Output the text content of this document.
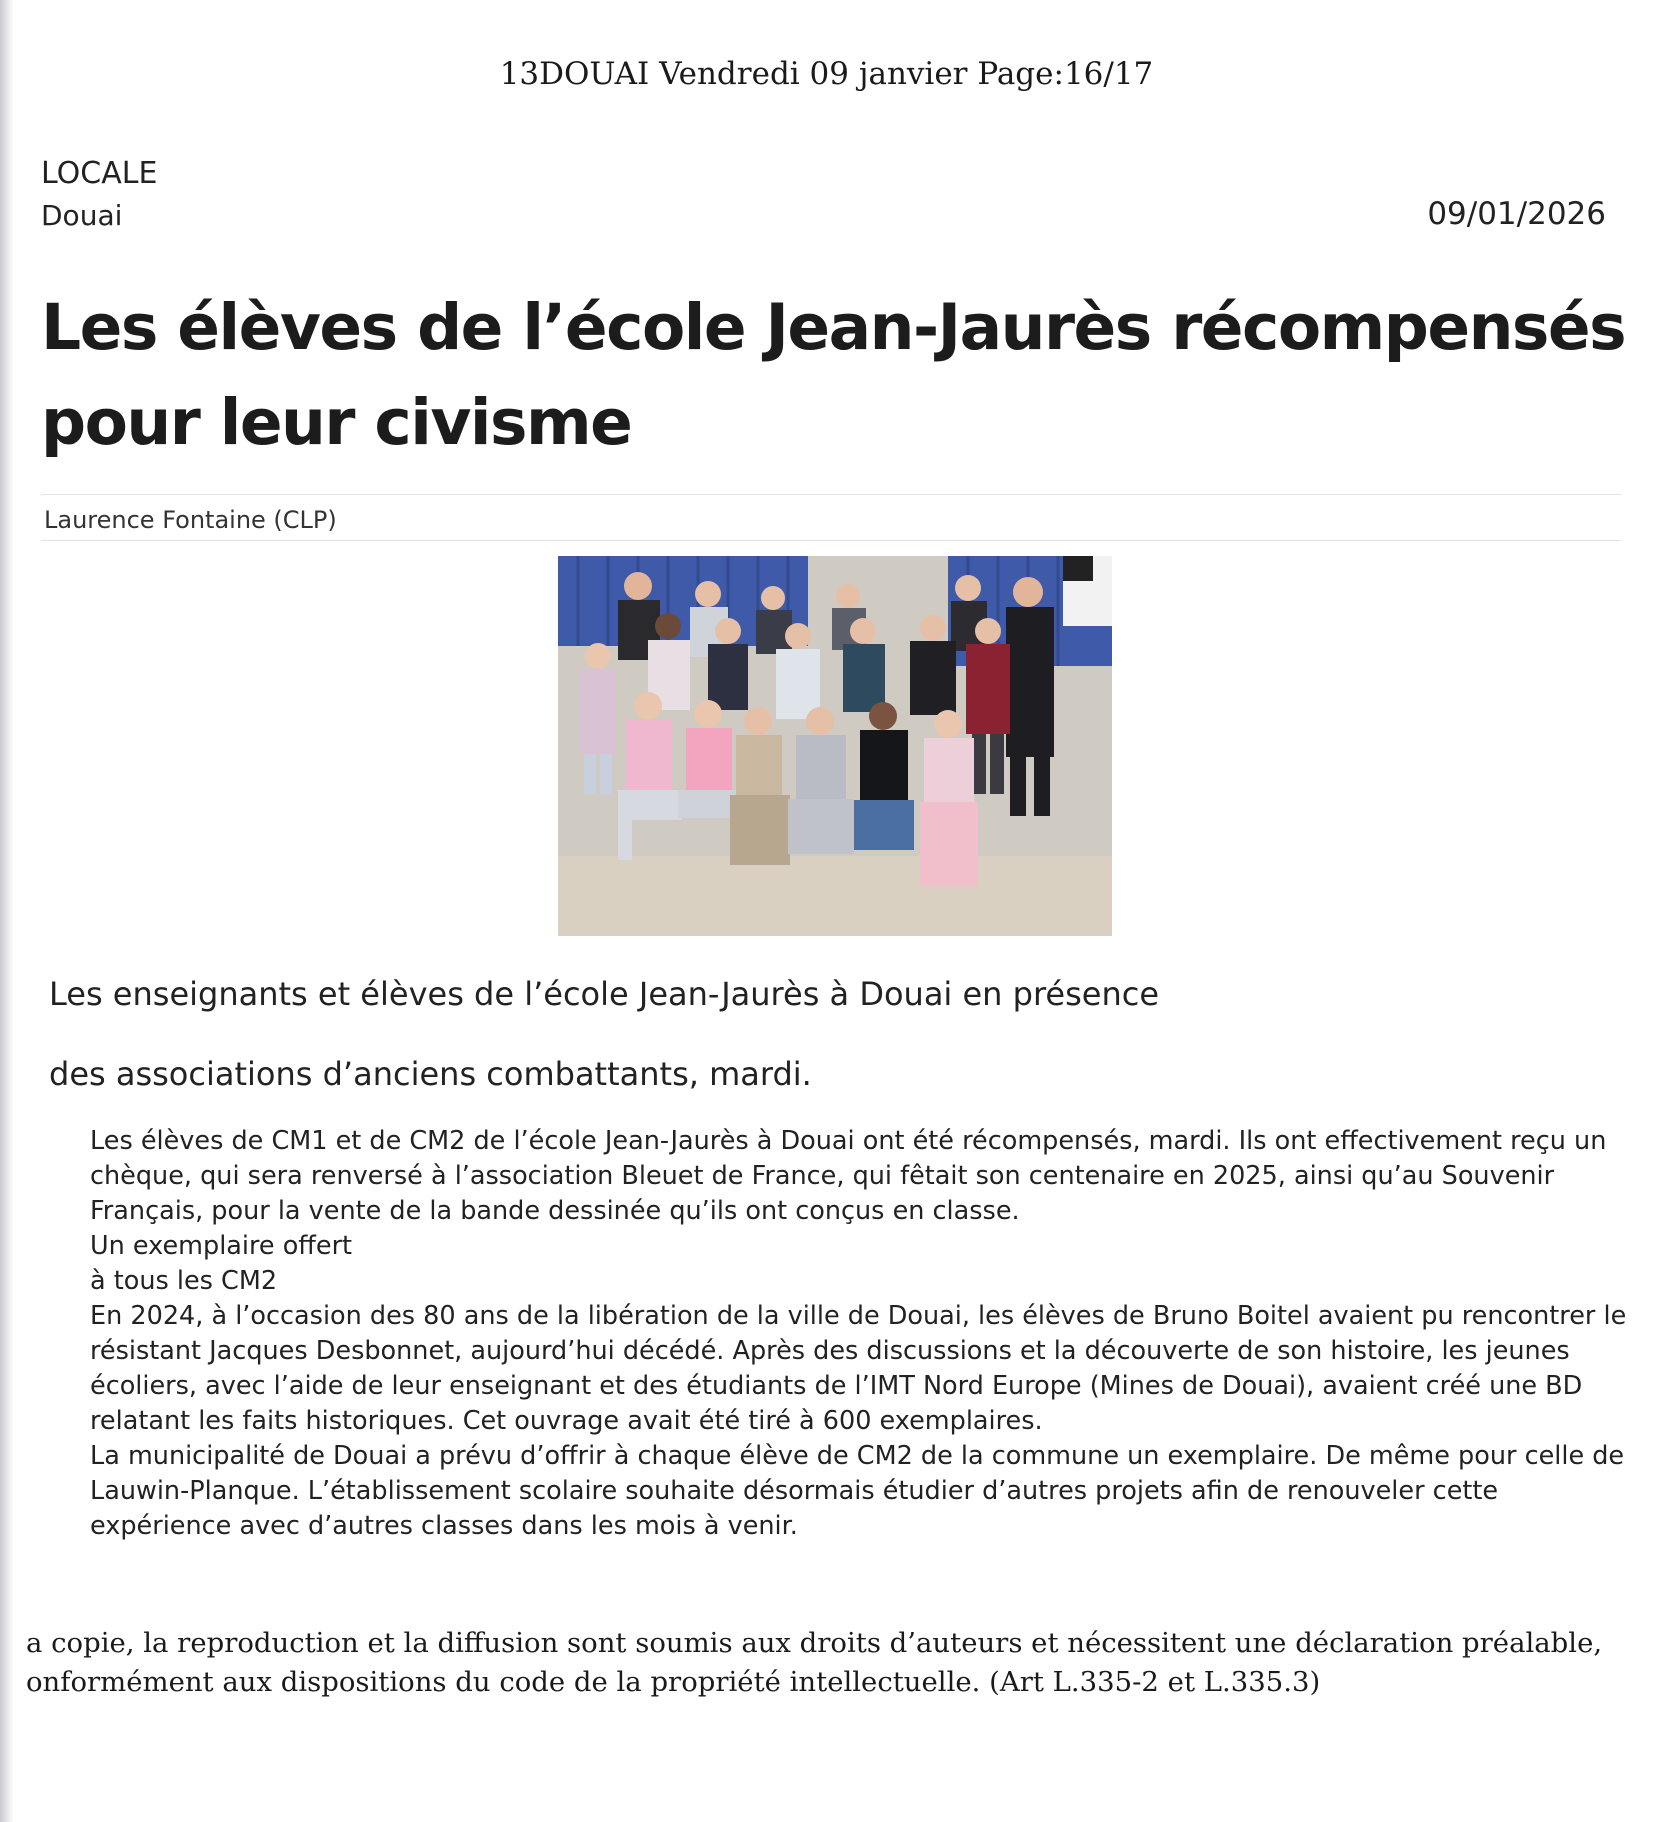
13DOUAI Vendredi 09 janvier Page:16/17
LOCALE
Douai	09/01/2026
Les élèves de l’école Jean-Jaurès récompensés
pour leur civisme
Laurence Fontaine (CLP)
Les enseignants et élèves de l’école Jean-Jaurès à Douai en présence
des associations d’anciens combattants, mardi.
Les élèves de CM1 et de CM2 de l’école Jean-Jaurès à Douai ont été récompensés, mardi. Ils ont effectivement reçu un
chèque, qui sera renversé à l’association Bleuet de France, qui fêtait son centenaire en 2025, ainsi qu’au Souvenir
Français, pour la vente de la bande dessinée qu’ils ont conçus en classe.
Un exemplaire offert
à tous les CM2
En 2024, à l’occasion des 80 ans de la libération de la ville de Douai, les élèves de Bruno Boitel avaient pu rencontrer le
résistant Jacques Desbonnet, aujourd’hui décédé. Après des discussions et la découverte de son histoire, les jeunes
écoliers, avec l’aide de leur enseignant et des étudiants de l’IMT Nord Europe (Mines de Douai), avaient créé une BD
relatant les faits historiques. Cet ouvrage avait été tiré à 600 exemplaires.
La municipalité de Douai a prévu d’offrir à chaque élève de CM2 de la commune un exemplaire. De même pour celle de
Lauwin-Planque. L’établissement scolaire souhaite désormais étudier d’autres projets afin de renouveler cette
expérience avec d’autres classes dans les mois à venir.
a copie, la reproduction et la diffusion sont soumis aux droits d’auteurs et nécessitent une déclaration préalable,
onformément aux dispositions du code de la propriété intellectuelle. (Art L.335-2 et L.335.3)
